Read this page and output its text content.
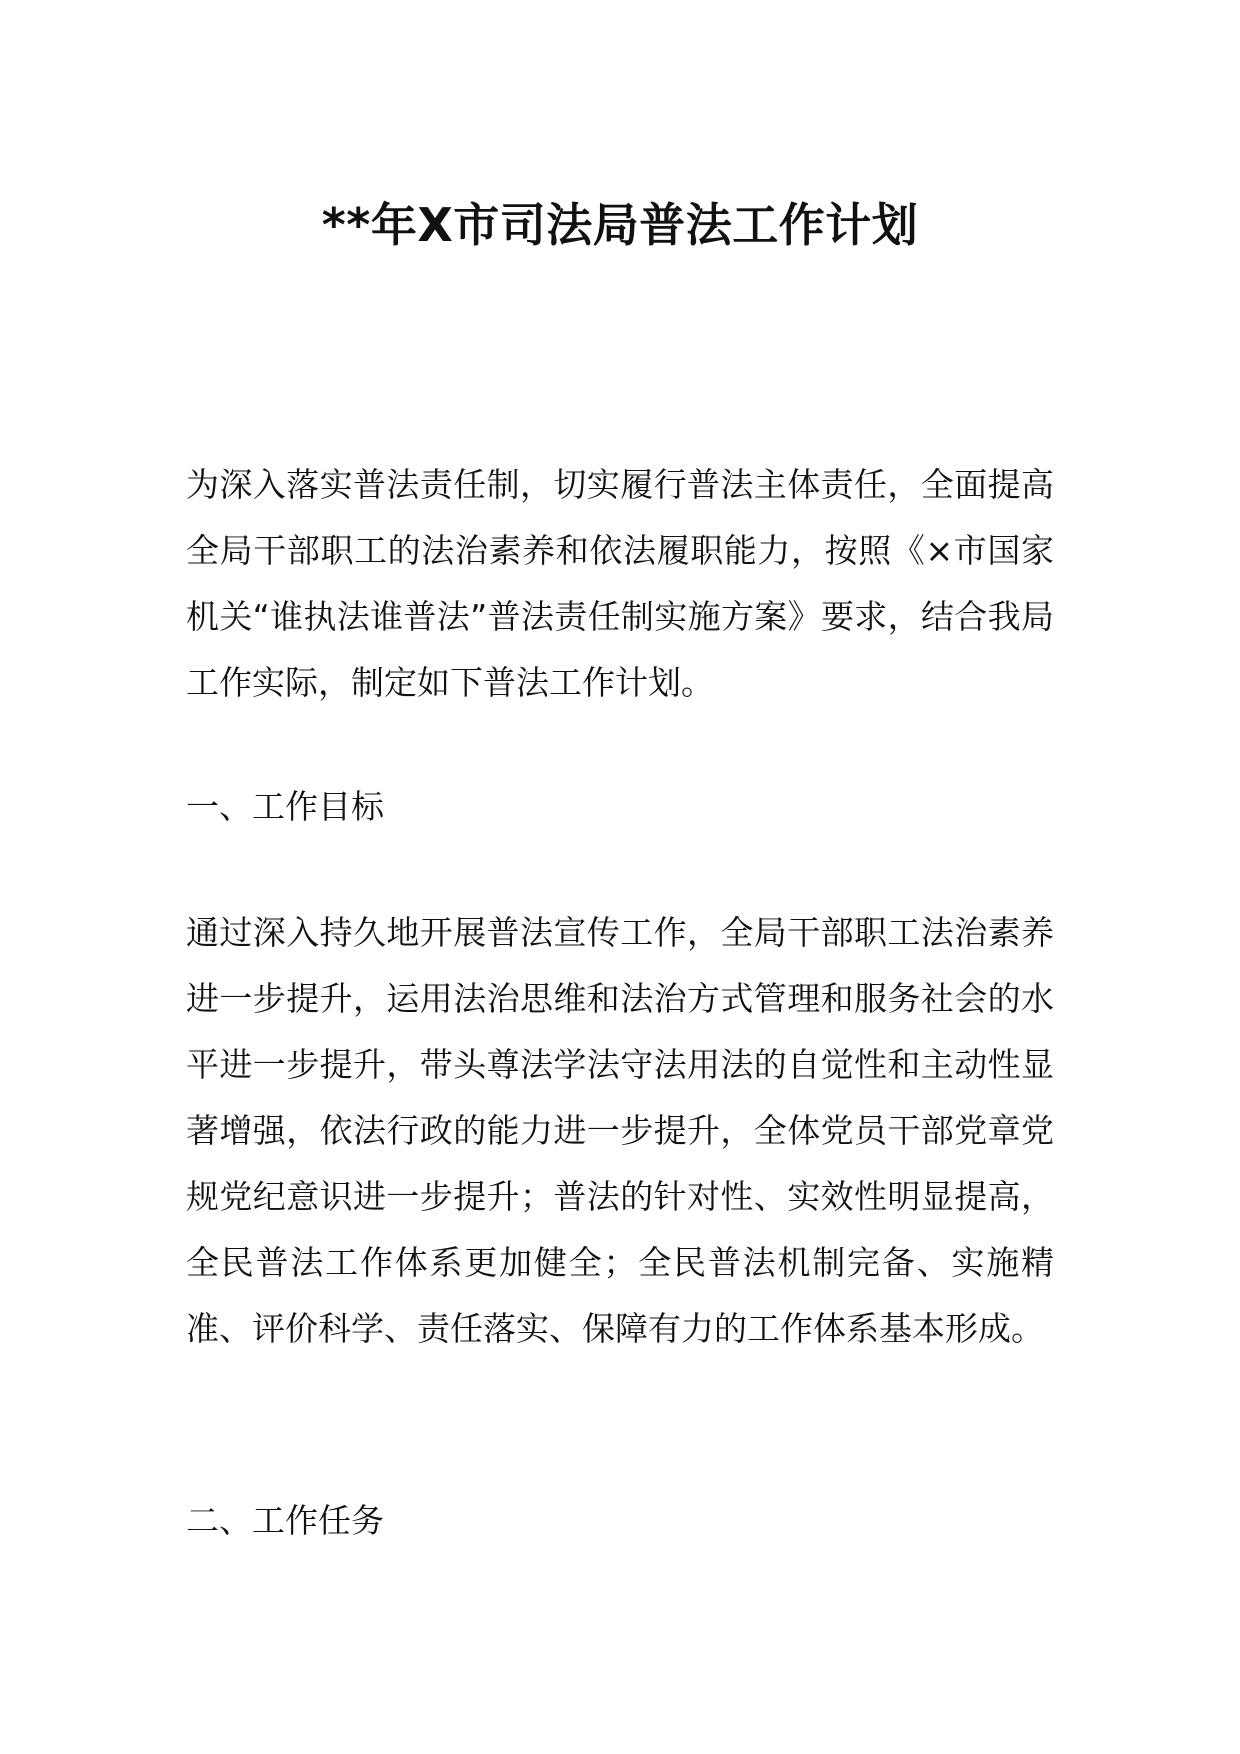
**年X市司法局普法工作计划

为深入落实普法责任制，切实履行普法主体责任，全面提高全局干部职工的法治素养和依法履职能力，按照《×市国家机关“谁执法谁普法”普法责任制实施方案》要求，结合我局工作实际，制定如下普法工作计划。

一、工作目标

通过深入持久地开展普法宣传工作，全局干部职工法治素养进一步提升，运用法治思维和法治方式管理和服务社会的水平进一步提升，带头尊法学法守法用法的自觉性和主动性显著增强，依法行政的能力进一步提升，全体党员干部党章党规党纪意识进一步提升；普法的针对性、实效性明显提高，全民普法工作体系更加健全；全民普法机制完备、实施精准、评价科学、责任落实、保障有力的工作体系基本形成。

二、工作任务
